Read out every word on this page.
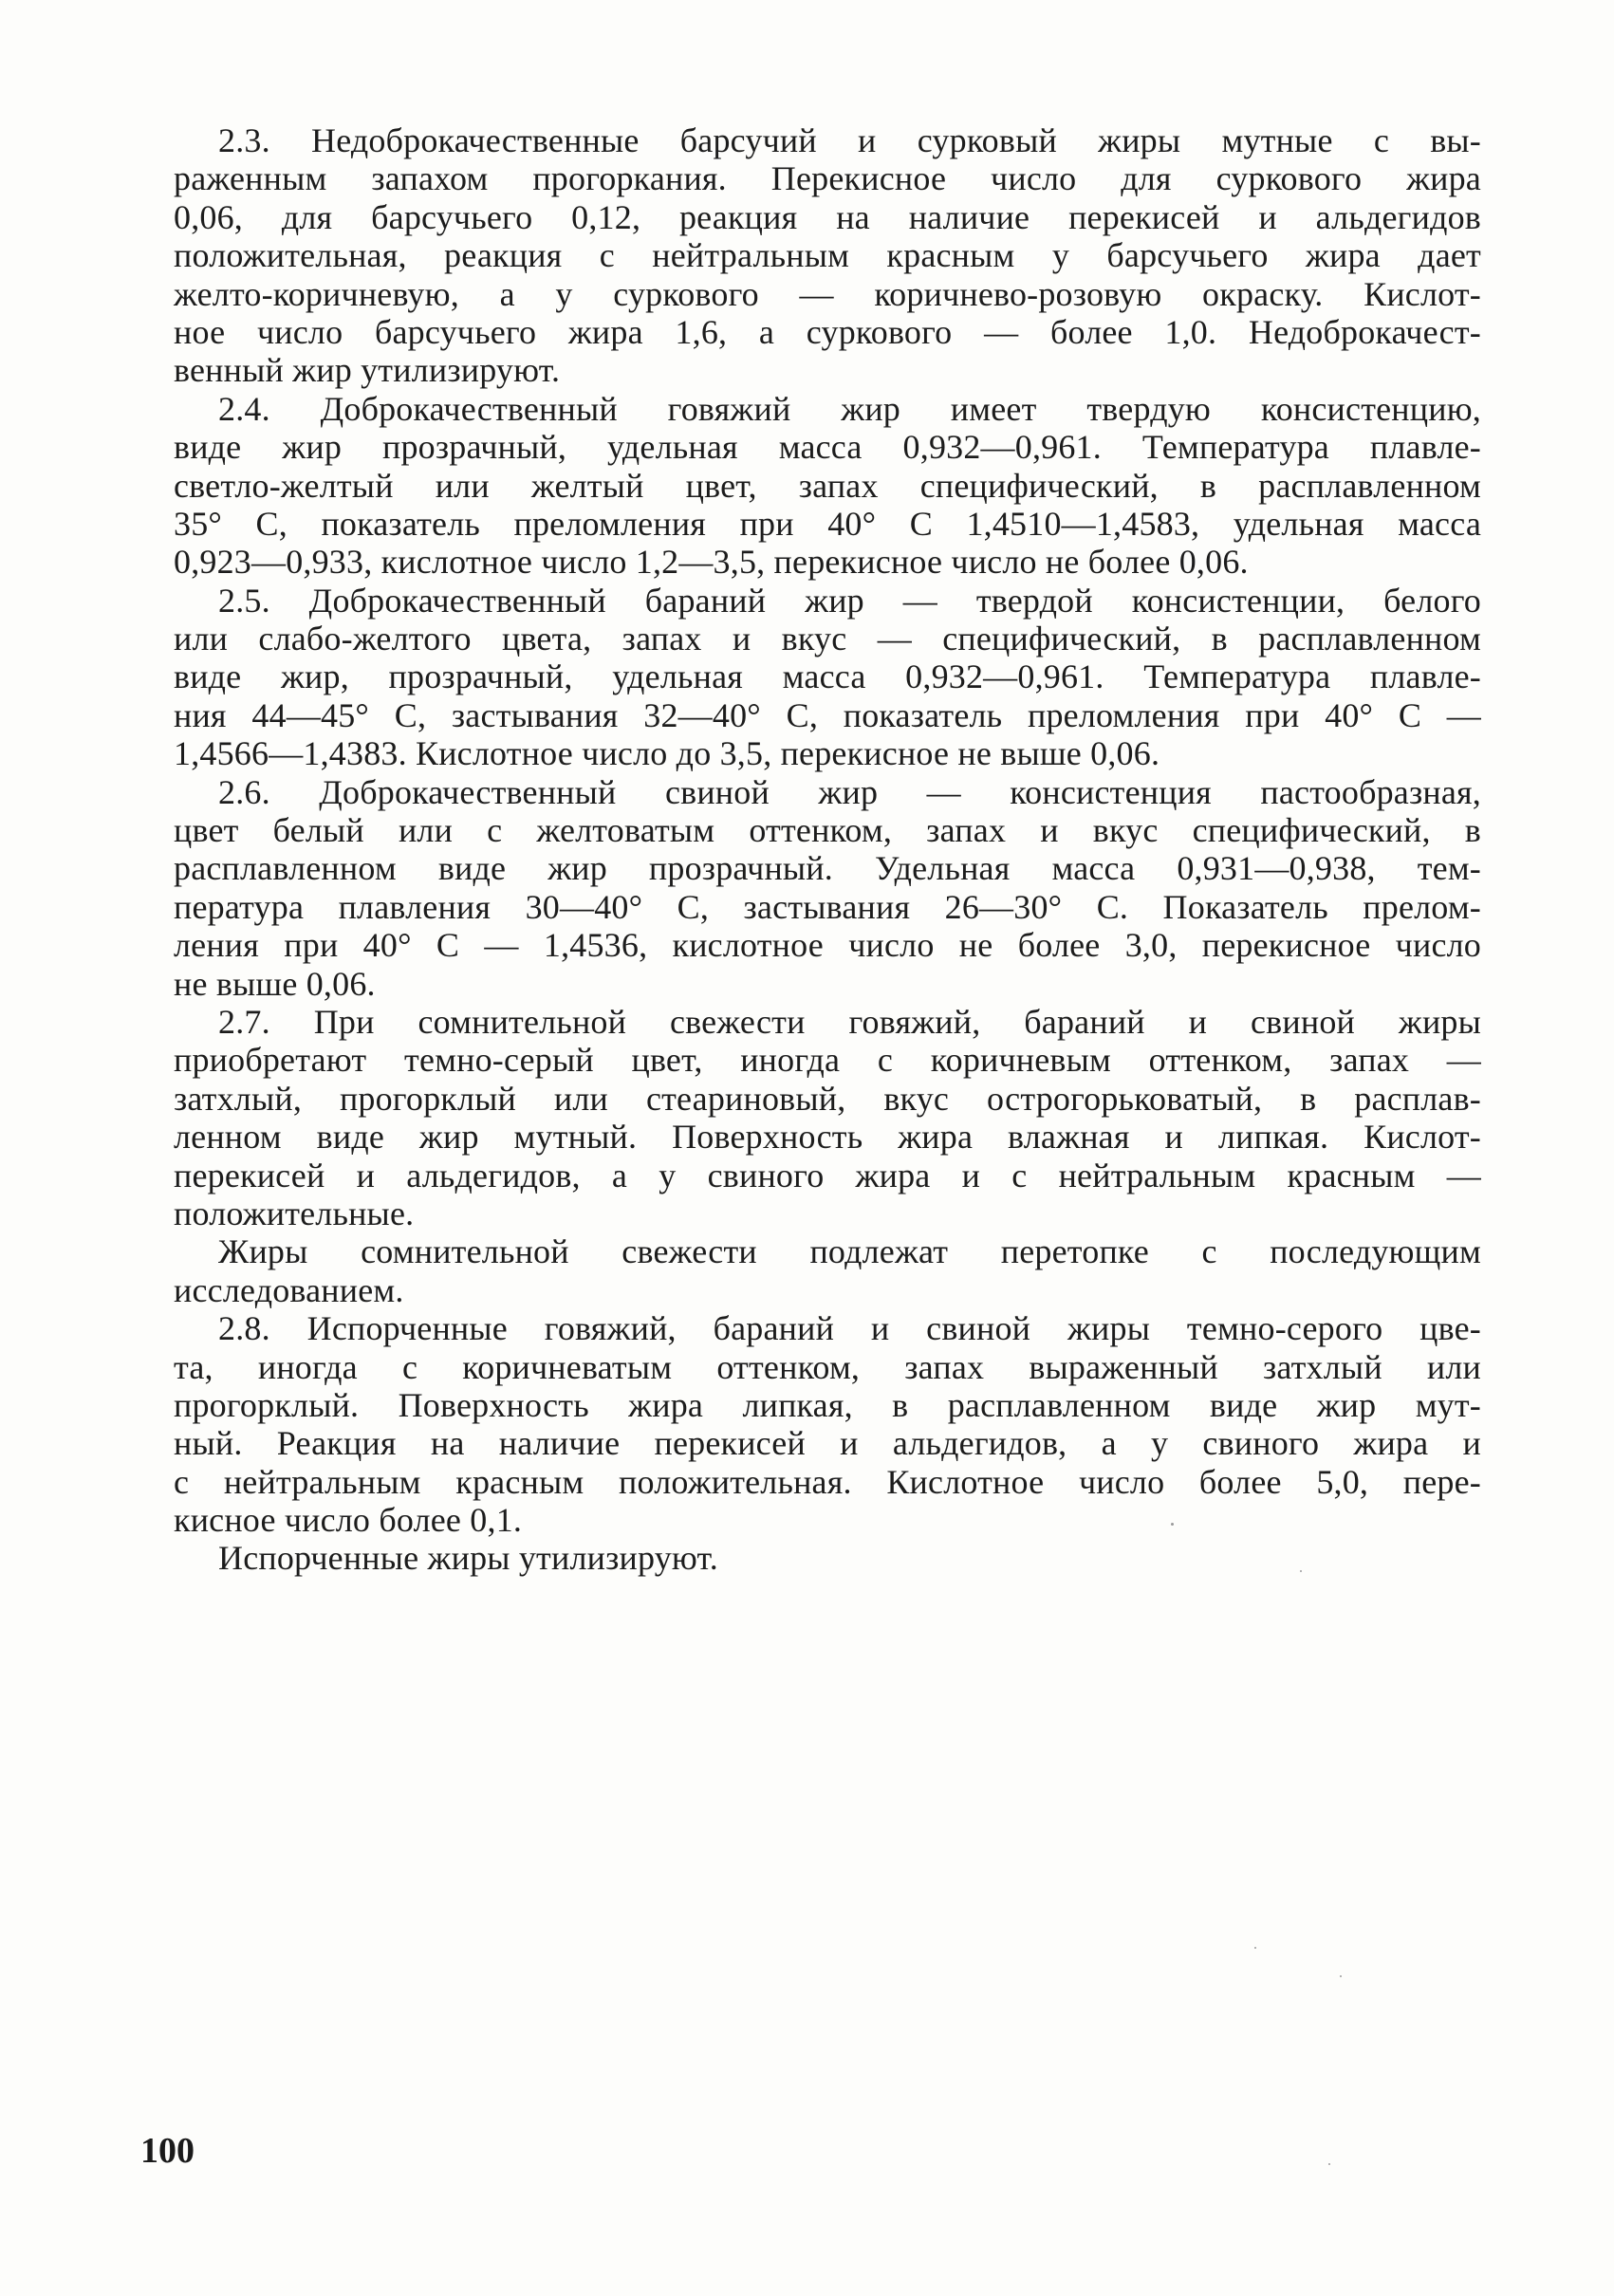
2.3. Недоброкачественные барсучий и сурковый жиры мутные с вы-
раженным запахом прогоркания. Перекисное число для суркового жира
0,06, для барсучьего 0,12, реакция на наличие перекисей и альдегидов
положительная, реакция с нейтральным красным у барсучьего жира дает
желто-коричневую, а у суркового — коричнево-розовую окраску. Кислот-
ное число барсучьего жира 1,6, а суркового — более 1,0. Недоброкачест-
венный жир утилизируют.
2.4. Доброкачественный говяжий жир имеет твердую консистенцию,
виде жир прозрачный, удельная масса 0,932—0,961. Температура плавле-
светло-желтый или желтый цвет, запах специфический, в расплавленном
35° С, показатель преломления при 40° С 1,4510—1,4583, удельная масса
0,923—0,933, кислотное число 1,2—3,5, перекисное число не более 0,06.
2.5. Доброкачественный бараний жир — твердой консистенции, белого
или слабо-желтого цвета, запах и вкус — специфический, в расплавленном
виде жир, прозрачный, удельная масса 0,932—0,961. Температура плавле-
ния 44—45° С, застывания 32—40° С, показатель преломления при 40° С —
1,4566—1,4383. Кислотное число до 3,5, перекисное не выше 0,06.
2.6. Доброкачественный свиной жир — консистенция пастообразная,
цвет белый или с желтоватым оттенком, запах и вкус специфический, в
расплавленном виде жир прозрачный. Удельная масса 0,931—0,938, тем-
пература плавления 30—40° С, застывания 26—30° С. Показатель прелом-
ления при 40° С — 1,4536, кислотное число не более 3,0, перекисное число
не выше 0,06.
2.7. При сомнительной свежести говяжий, бараний и свиной жиры
приобретают темно-серый цвет, иногда с коричневым оттенком, запах —
затхлый, прогорклый или стеариновый, вкус острогорьковатый, в расплав-
ленном виде жир мутный. Поверхность жира влажная и липкая. Кислот-
перекисей и альдегидов, а у свиного жира и с нейтральным красным —
положительные.
Жиры сомнительной свежести подлежат перетопке с последующим
исследованием.
2.8. Испорченные говяжий, бараний и свиной жиры темно-серого цве-
та, иногда с коричневатым оттенком, запах выраженный затхлый или
прогорклый. Поверхность жира липкая, в расплавленном виде жир мут-
ный. Реакция на наличие перекисей и альдегидов, а у свиного жира и
с нейтральным красным положительная. Кислотное число более 5,0, пере-
кисное число более 0,1.
Испорченные жиры утилизируют.
100
